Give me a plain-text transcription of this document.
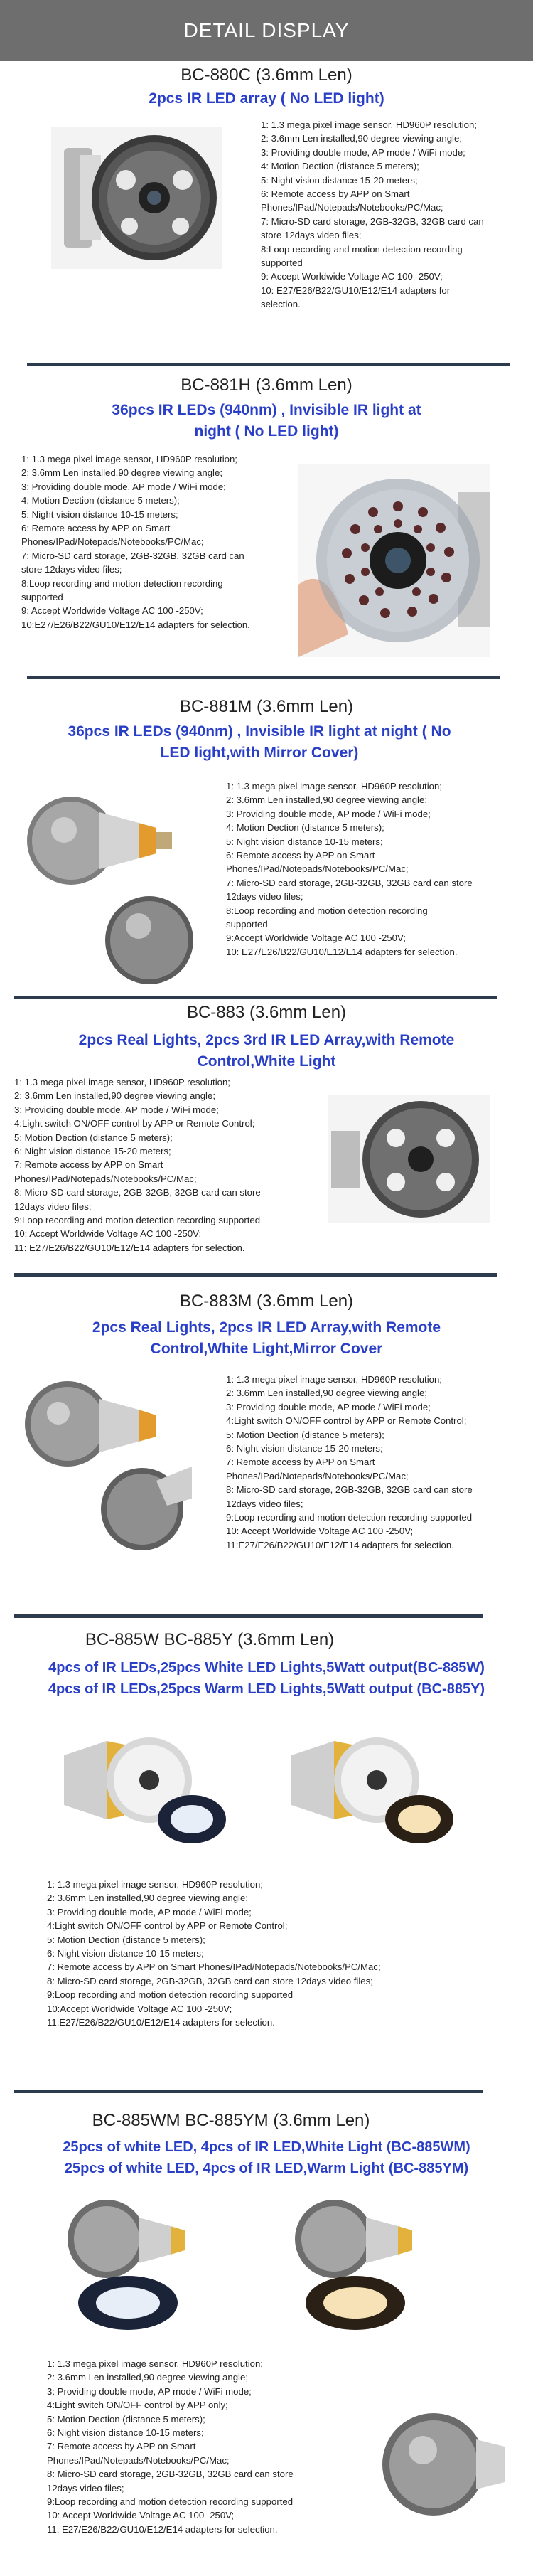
DETAIL DISPLAY
BC-880C (3.6mm Len)
2pcs IR LED array ( No LED light)
1: 1.3 mega pixel image sensor, HD960P resolution;
2: 3.6mm Len installed,90 degree viewing angle;
3: Providing double mode, AP mode / WiFi mode;
4: Motion Dection (distance 5 meters);
5: Night vision distance 15-20 meters;
6: Remote access by APP on Smart
Phones/IPad/Notepads/Notebooks/PC/Mac;
7: Micro-SD card storage, 2GB-32GB, 32GB card can
store 12days video files;
8:Loop recording and motion detection recording
supported
9: Accept Worldwide Voltage AC 100 -250V;
10: E27/E26/B22/GU10/E12/E14 adapters for
selection.
BC-881H (3.6mm Len)
36pcs IR LEDs (940nm) , Invisible IR light at
night ( No LED light)
1: 1.3 mega pixel image sensor, HD960P resolution;
2: 3.6mm Len installed,90 degree viewing angle;
3: Providing double mode, AP mode / WiFi mode;
4: Motion Dection (distance 5 meters);
5: Night vision distance 10-15 meters;
6: Remote access by APP on Smart
Phones/IPad/Notepads/Notebooks/PC/Mac;
7: Micro-SD card storage, 2GB-32GB, 32GB card can
store 12days video files;
8:Loop recording and motion detection recording
supported
9: Accept Worldwide Voltage AC 100 -250V;
10:E27/E26/B22/GU10/E12/E14 adapters for selection.
BC-881M (3.6mm Len)
36pcs IR LEDs (940nm) , Invisible IR light at night ( No
LED light,with Mirror Cover)
1: 1.3 mega pixel image sensor, HD960P resolution;
2: 3.6mm Len installed,90 degree viewing angle;
3: Providing double mode, AP mode / WiFi mode;
4: Motion Dection (distance 5 meters);
5: Night vision distance 10-15 meters;
6: Remote access by APP on Smart
Phones/IPad/Notepads/Notebooks/PC/Mac;
7: Micro-SD card storage, 2GB-32GB, 32GB card can store
12days video files;
8:Loop recording and motion detection recording
supported
9:Accept Worldwide Voltage AC 100 -250V;
10: E27/E26/B22/GU10/E12/E14 adapters for selection.
BC-883 (3.6mm Len)
2pcs Real Lights, 2pcs 3rd IR LED Array,with Remote
Control,White Light
1: 1.3 mega pixel image sensor, HD960P resolution;
2: 3.6mm Len installed,90 degree viewing angle;
3: Providing double mode, AP mode / WiFi mode;
4:Light switch ON/OFF control by APP or Remote Control;
5: Motion Dection (distance 5 meters);
6: Night vision distance 15-20 meters;
7: Remote access by APP on Smart
Phones/IPad/Notepads/Notebooks/PC/Mac;
8: Micro-SD card storage, 2GB-32GB, 32GB card can store
12days video files;
9:Loop recording and motion detection recording supported
10: Accept Worldwide Voltage AC 100 -250V;
11: E27/E26/B22/GU10/E12/E14 adapters for selection.
BC-883M (3.6mm Len)
2pcs Real Lights, 2pcs IR LED Array,with Remote
Control,White Light,Mirror Cover
1: 1.3 mega pixel image sensor, HD960P resolution;
2: 3.6mm Len installed,90 degree viewing angle;
3: Providing double mode, AP mode / WiFi mode;
4:Light switch ON/OFF control by APP or Remote Control;
5: Motion Dection (distance 5 meters);
6: Night vision distance 15-20 meters;
7: Remote access by APP on Smart
Phones/IPad/Notepads/Notebooks/PC/Mac;
8: Micro-SD card storage, 2GB-32GB, 32GB card can store
12days video files;
9:Loop recording and motion detection recording supported
10: Accept Worldwide Voltage AC 100 -250V;
11:E27/E26/B22/GU10/E12/E14 adapters for selection.
BC-885W BC-885Y (3.6mm Len)
4pcs of IR LEDs,25pcs White LED Lights,5Watt output(BC-885W)
4pcs of IR LEDs,25pcs Warm LED Lights,5Watt output (BC-885Y)
1: 1.3 mega pixel image sensor, HD960P resolution;
2: 3.6mm Len installed,90 degree viewing angle;
3: Providing double mode, AP mode / WiFi mode;
4:Light switch ON/OFF control by APP or Remote Control;
5: Motion Dection (distance 5 meters);
6: Night vision distance 10-15 meters;
7: Remote access by APP on Smart Phones/IPad/Notepads/Notebooks/PC/Mac;
8: Micro-SD card storage, 2GB-32GB, 32GB card can store 12days video files;
9:Loop recording and motion detection recording supported
10:Accept Worldwide Voltage AC 100 -250V;
11:E27/E26/B22/GU10/E12/E14 adapters for selection.
BC-885WM BC-885YM (3.6mm Len)
25pcs of white LED, 4pcs of IR LED,White Light (BC-885WM)
25pcs of white LED, 4pcs of IR LED,Warm Light (BC-885YM)
1: 1.3 mega pixel image sensor, HD960P resolution;
2: 3.6mm Len installed,90 degree viewing angle;
3: Providing double mode, AP mode / WiFi mode;
4:Light switch ON/OFF control by APP only;
5: Motion Dection (distance 5 meters);
6: Night vision distance 10-15 meters;
7: Remote access by APP on Smart
Phones/IPad/Notepads/Notebooks/PC/Mac;
8: Micro-SD card storage, 2GB-32GB, 32GB card can store
12days video files;
9:Loop recording and motion detection recording supported
10: Accept Worldwide Voltage AC 100 -250V;
11: E27/E26/B22/GU10/E12/E14 adapters for selection.
